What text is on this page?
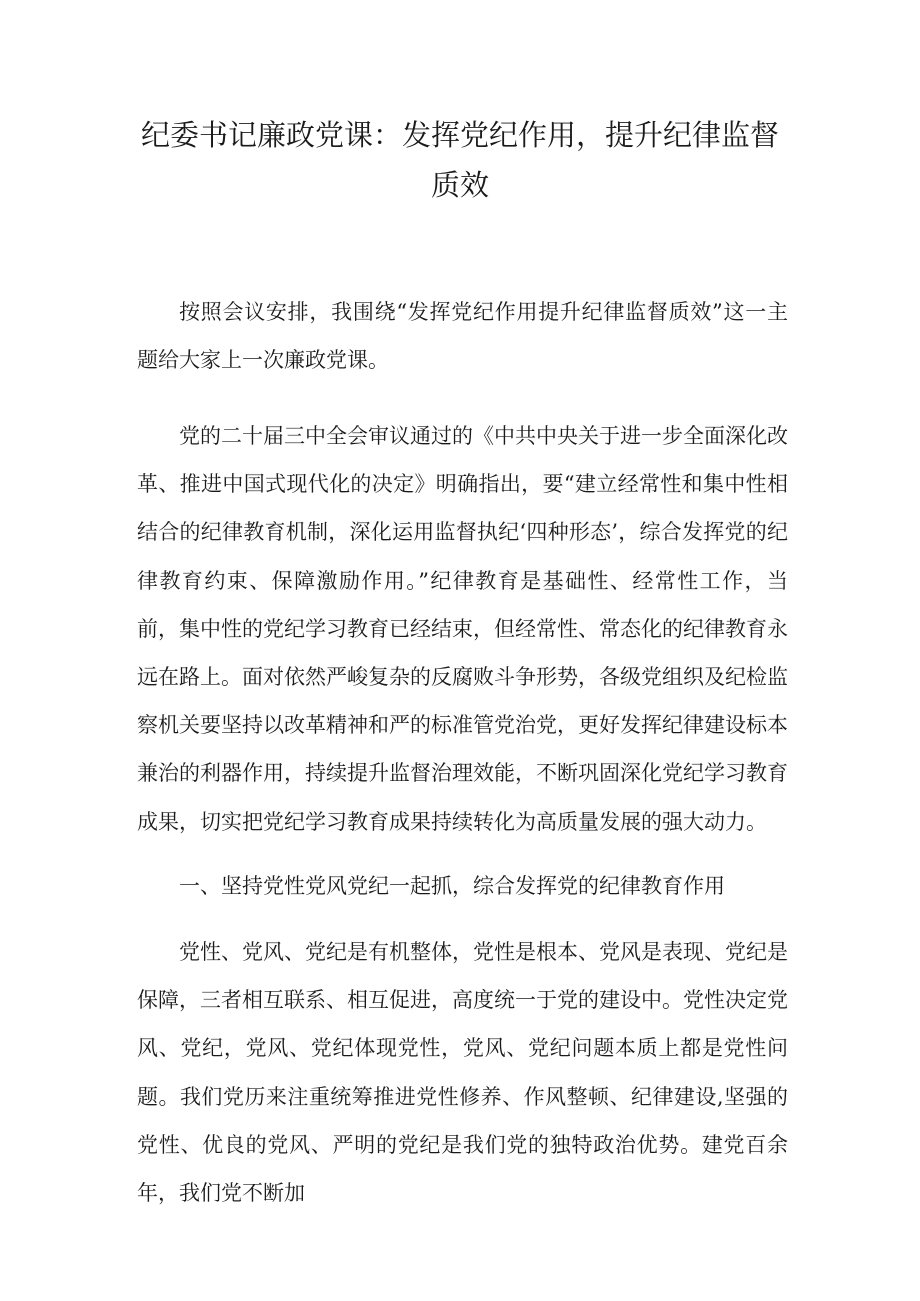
纪委书记廉政党课：发挥党纪作用，提升纪律监督质效

按照会议安排，我围绕“发挥党纪作用提升纪律监督质效”这一主题给大家上一次廉政党课。

党的二十届三中全会审议通过的《中共中央关于进一步全面深化改革、推进中国式现代化的决定》明确指出，要“建立经常性和集中性相结合的纪律教育机制，深化运用监督执纪‘四种形态’，综合发挥党的纪律教育约束、保障激励作用。”纪律教育是基础性、经常性工作，当前，集中性的党纪学习教育已经结束，但经常性、常态化的纪律教育永远在路上。面对依然严峻复杂的反腐败斗争形势，各级党组织及纪检监察机关要坚持以改革精神和严的标准管党治党，更好发挥纪律建设标本兼治的利器作用，持续提升监督治理效能，不断巩固深化党纪学习教育成果，切实把党纪学习教育成果持续转化为高质量发展的强大动力。

一、坚持党性党风党纪一起抓，综合发挥党的纪律教育作用

党性、党风、党纪是有机整体，党性是根本、党风是表现、党纪是保障，三者相互联系、相互促进，高度统一于党的建设中。党性决定党风、党纪，党风、党纪体现党性，党风、党纪问题本质上都是党性问题。我们党历来注重统筹推进党性修养、作风整顿、纪律建设,坚强的党性、优良的党风、严明的党纪是我们党的独特政治优势。建党百余年，我们党不断加
